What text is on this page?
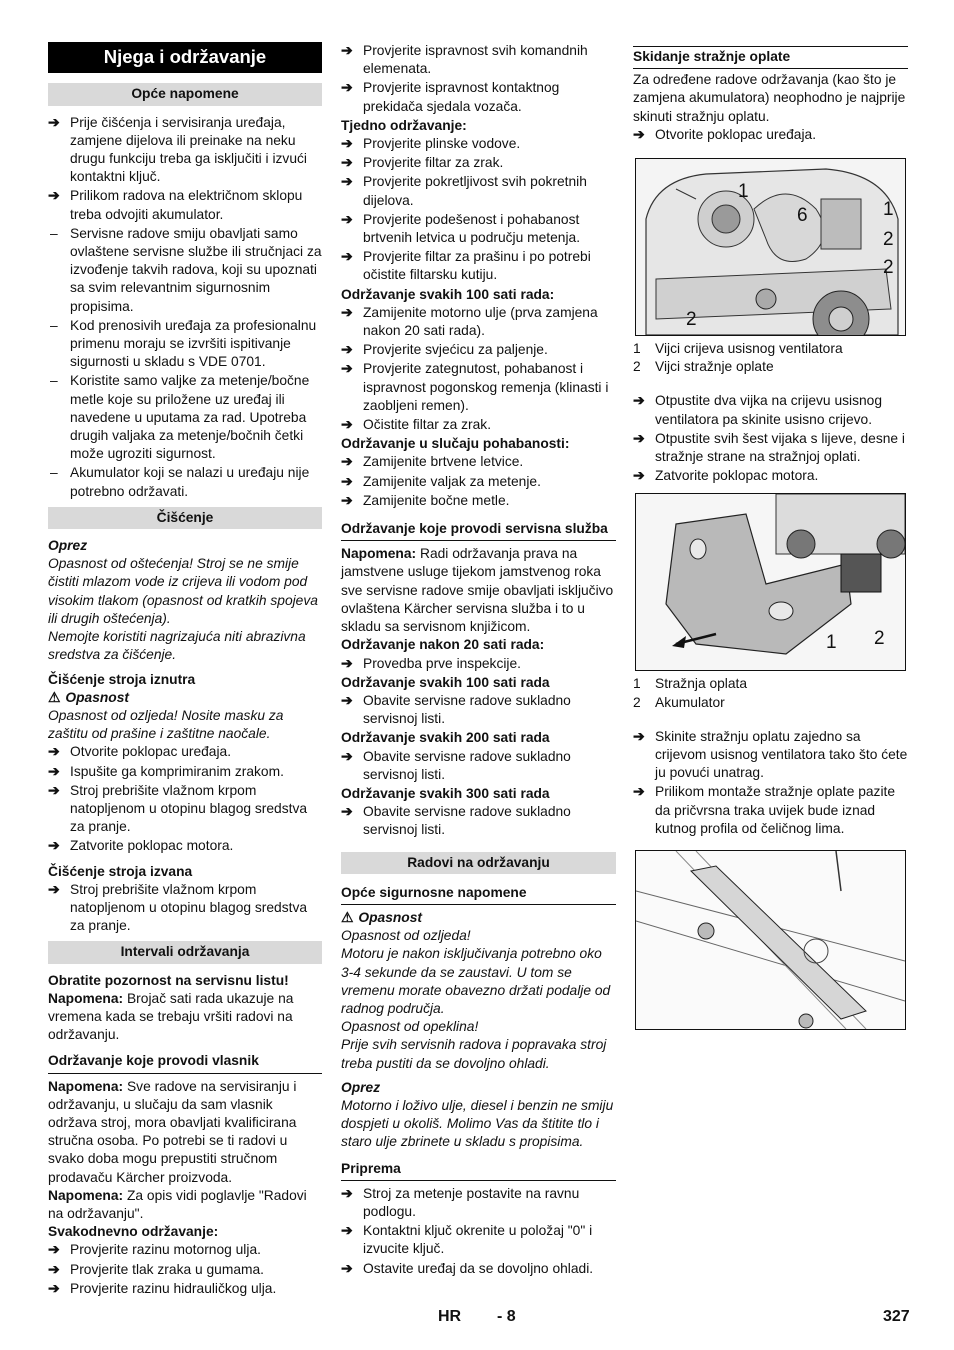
Njega i održavanje
Opće napomene
➔ Prije čišćenja i servisiranja uređaja, zamjene dijelova ili preinake na neku drugu funkciju treba ga isključiti i izvući kontaktni ključ.
➔ Prilikom radova na električnom sklopu treba odvojiti akumulator.
– Servisne radove smiju obavljati samo ovlaštene servisne službe ili stručnjaci za izvođenje takvih radova, koji su upoznati sa svim relevantnim sigurnosnim propisima.
– Kod prenosivih uređaja za profesionalnu primenu moraju se izvršiti ispitivanje sigurnosti u skladu s VDE 0701.
– Koristite samo valjke za metenje/bočne metle koje su priložene uz uređaj ili navedene u uputama za rad. Upotreba drugih valjaka za metenje/bočnih četki može ugroziti sigurnost.
– Akumulator koji se nalazi u uređaju nije potrebno održavati.
Čišćenje
Oprez
Opasnost od oštećenja! Stroj se ne smije čistiti mlazom vode iz crijeva ili vodom pod visokim tlakom (opasnost od kratkih spojeva ili drugih oštećenja).
Nemojte koristiti nagrizajuća niti abrazivna sredstva za čišćenje.
Čišćenje stroja iznutra
⚠ Opasnost
Opasnost od ozljeda! Nosite masku za zaštitu od prašine i zaštitne naočale.
➔ Otvorite poklopac uređaja.
➔ Ispušite ga komprimiranim zrakom.
➔ Stroj prebrišite vlažnom krpom natopljenom u otopinu blagog sredstva za pranje.
➔ Zatvorite poklopac motora.
Čišćenje stroja izvana
➔ Stroj prebrišite vlažnom krpom natopljenom u otopinu blagog sredstva za pranje.
Intervali održavanja
Obratite pozornost na servisnu listu!
Napomena: Brojač sati rada ukazuje na vremena kada se trebaju vršiti radovi na održavanju.
Održavanje koje provodi vlasnik
Napomena: Sve radove na servisiranju i održavanju, u slučaju da sam vlasnik održava stroj, mora obavljati kvalificirana stručna osoba. Po potrebi se ti radovi u svako doba mogu prepustiti stručnom prodavaču Kärcher proizvoda.
Napomena: Za opis vidi poglavlje "Radovi na održavanju".
Svakodnevno održavanje:
➔ Provjerite razinu motornog ulja.
➔ Provjerite tlak zraka u gumama.
➔ Provjerite razinu hidrauličkog ulja.
➔ Provjerite ispravnost svih komandnih elemenata.
➔ Provjerite ispravnost kontaktnog prekidača sjedala vozača.
Tjedno održavanje:
➔ Provjerite plinske vodove.
➔ Provjerite filtar za zrak.
➔ Provjerite pokretljivost svih pokretnih dijelova.
➔ Provjerite podešenost i pohabanost brtvenih letvica u području metenja.
➔ Provjerite filtar za prašinu i po potrebi očistite filtarsku kutiju.
Održavanje svakih 100 sati rada:
➔ Zamijenite motorno ulje (prva zamjena nakon 20 sati rada).
➔ Provjerite svjećicu za paljenje.
➔ Provjerite zategnutost, pohabanost i ispravnost pogonskog remenja (klinasti i zaobljeni remen).
➔ Očistite filtar za zrak.
Održavanje u slučaju pohabanosti:
➔ Zamijenite brtvene letvice.
➔ Zamijenite valjak za metenje.
➔ Zamijenite bočne metle.
Održavanje koje provodi servisna služba
Napomena: Radi održavanja prava na jamstvene usluge tijekom jamstvenog roka sve servisne radove smije obavljati isključivo ovlaštena Kärcher servisna služba i to u skladu sa servisnom knjižicom.
Održavanje nakon 20 sati rada:
➔ Provedba prve inspekcije.
Održavanje svakih 100 sati rada
➔ Obavite servisne radove sukladno servisnoj listi.
Održavanje svakih 200 sati rada
➔ Obavite servisne radove sukladno servisnoj listi.
Održavanje svakih 300 sati rada
➔ Obavite servisne radove sukladno servisnoj listi.
Radovi na održavanju
Opće sigurnosne napomene
⚠ Opasnost
Opasnost od ozljeda!
Motoru je nakon isključivanja potrebno oko 3-4 sekunde da se zaustavi. U tom se vremenu morate obavezno držati podalje od radnog područja.
Opasnost od opeklina!
Prije svih servisnih radova i popravaka stroj treba pustiti da se dovoljno ohladi.
Oprez
Motorno i loživo ulje, diesel i benzin ne smiju dospjeti u okoliš. Molimo Vas da štitite tlo i staro ulje zbrinete u skladu s propisima.
Priprema
➔ Stroj za metenje postavite na ravnu podlogu.
➔ Kontaktni ključ okrenite u položaj "0" i izvucite ključ.
➔ Ostavite uređaj da se dovoljno ohladi.
Skidanje stražnje oplate
Za određene radove održavanja (kao što je zamjena akumulatora) neophodno je najprije skinuti stražnju oplatu.
➔ Otvorite poklopac uređaja.
1
6	1
2
2
2
1	Vijci crijeva usisnog ventilatora
2	Vijci stražnje oplate
➔ Otpustite dva vijka na crijevu usisnog ventilatora pa skinite usisno crijevo.
➔ Otpustite svih šest vijaka s lijeve, desne i stražnje strane na stražnjoj oplati.
➔ Zatvorite poklopac motora.
1 2
1	Stražnja oplata
2	Akumulator
➔ Skinite stražnju oplatu zajedno sa crijevom usisnog ventilatora tako što ćete ju povući unatrag.
➔ Prilikom montaže stražnje oplate pazite da pričvrsna traka uvijek bude iznad kutnog profila od čeličnog lima.
HR - 8	327
